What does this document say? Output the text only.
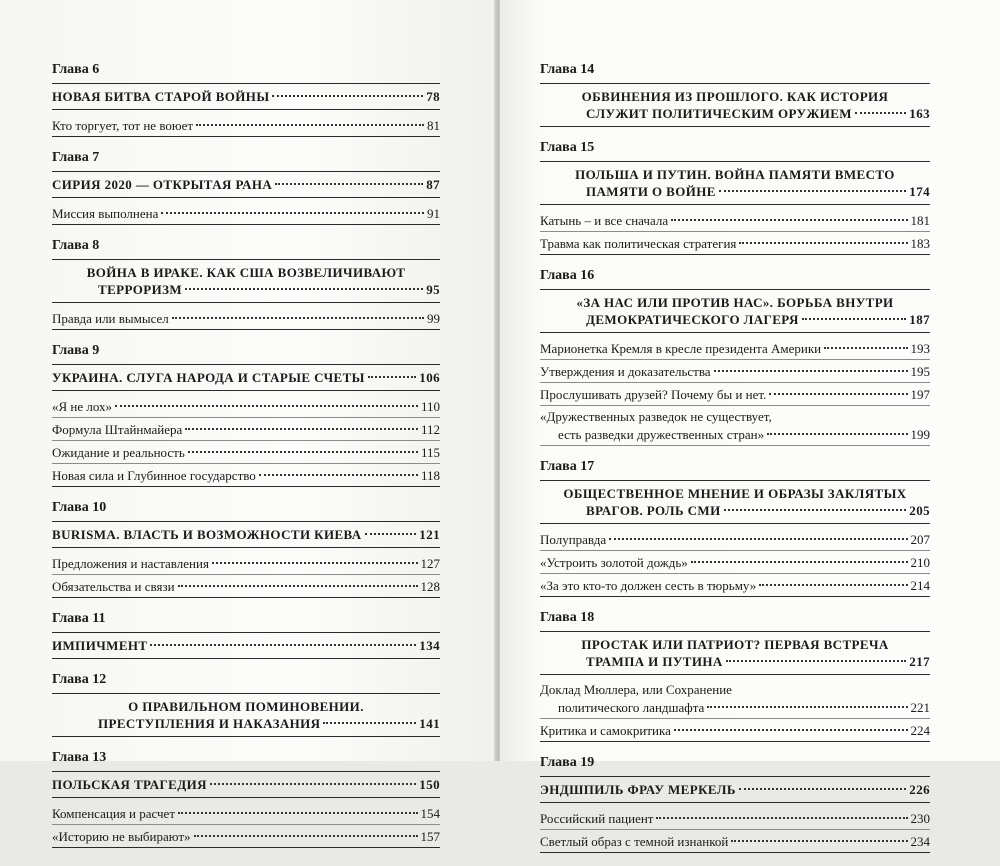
Глава 6
НОВАЯ БИТВА СТАРОЙ ВОЙНЫ	78
Кто торгует, тот не воюет	81
Глава 7
СИРИЯ 2020 — ОТКРЫТАЯ РАНА	87
Миссия выполнена	91
Глава 8
ВОЙНА В ИРАКЕ. КАК США ВОЗВЕЛИЧИВАЮТ
ТЕРРОРИЗМ	95
Правда или вымысел	99
Глава 9
УКРАИНА. СЛУГА НАРОДА И СТАРЫЕ СЧЕТЫ	106
«Я не лох»	110
Формула Штайнмайера	112
Ожидание и реальность	115
Новая сила и Глубинное государство	118
Глава 10
BURISMA. ВЛАСТЬ И ВОЗМОЖНОСТИ КИЕВА	121
Предложения и наставления	127
Обязательства и связи	128
Глава 11
ИМПИЧМЕНТ	134
Глава 12
О ПРАВИЛЬНОМ ПОМИНОВЕНИИ.
ПРЕСТУПЛЕНИЯ И НАКАЗАНИЯ	141
Глава 13
ПОЛЬСКАЯ ТРАГЕДИЯ	150
Компенсация и расчет	154
«Историю не выбирают»	157
Глава 14
ОБВИНЕНИЯ ИЗ ПРОШЛОГО. КАК ИСТОРИЯ
СЛУЖИТ ПОЛИТИЧЕСКИМ ОРУЖИЕМ	163
Глава 15
ПОЛЬША И ПУТИН. ВОЙНА ПАМЯТИ ВМЕСТО
ПАМЯТИ О ВОЙНЕ	174
Катынь – и все сначала	181
Травма как политическая стратегия	183
Глава 16
«ЗА НАС ИЛИ ПРОТИВ НАС». БОРЬБА ВНУТРИ
ДЕМОКРАТИЧЕСКОГО ЛАГЕРЯ	187
Марионетка Кремля в кресле президента Америки	193
Утверждения и доказательства	195
Прослушивать друзей? Почему бы и нет.	197
«Дружественных разведок не существует,
есть разведки дружественных стран»	199
Глава 17
ОБЩЕСТВЕННОЕ МНЕНИЕ И ОБРАЗЫ ЗАКЛЯТЫХ
ВРАГОВ. РОЛЬ СМИ	205
Полуправда	207
«Устроить золотой дождь»	210
«За это кто-то должен сесть в тюрьму»	214
Глава 18
ПРОСТАК ИЛИ ПАТРИОТ? ПЕРВАЯ ВСТРЕЧА
ТРАМПА И ПУТИНА	217
Доклад Мюллера, или Сохранение
политического ландшафта	221
Критика и самокритика	224
Глава 19
ЭНДШПИЛЬ ФРАУ МЕРКЕЛЬ	226
Российский пациент	230
Светлый образ с темной изнанкой	234
